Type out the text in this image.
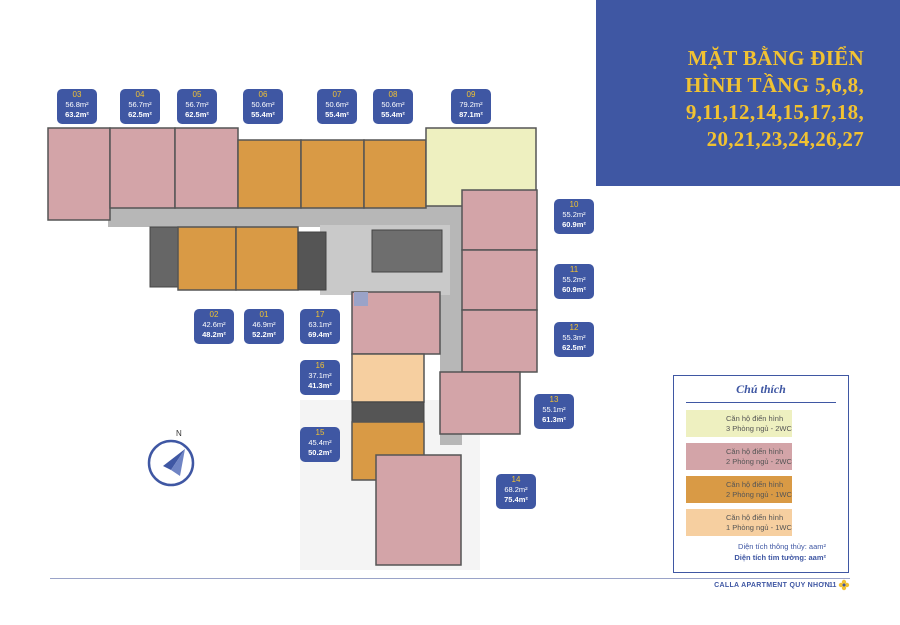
MẶT BẰNG ĐIỂN
HÌNH TẦNG 5,6,8,
9,11,12,14,15,17,18,
20,21,23,24,26,27
N
03
56.8m²
63.2m²
04
56.7m²
62.5m²
05
56.7m²
62.5m²
06
50.6m²
55.4m²
07
50.6m²
55.4m²
08
50.6m²
55.4m²
09
79.2m²
87.1m²
10
55.2m²
60.9m²
11
55.2m²
60.9m²
12
55.3m²
62.5m²
13
55.1m²
61.3m²
14
68.2m²
75.4m²
15
45.4m²
50.2m²
16
37.1m²
41.3m²
17
63.1m²
69.4m²
02
42.6m²
48.2m²
01
46.9m²
52.2m²
Chú thích
Căn hộ điển hình
3 Phòng ngủ - 2WC
Căn hộ điển hình
2 Phòng ngủ - 2WC
Căn hộ điển hình
2 Phòng ngủ - 1WC
Căn hộ điển hình
1 Phòng ngủ - 1WC
Diện tích thông thủy: aam²
Diện tích tim tường: aam²
CALLA APARTMENT QUY NHƠN 11
